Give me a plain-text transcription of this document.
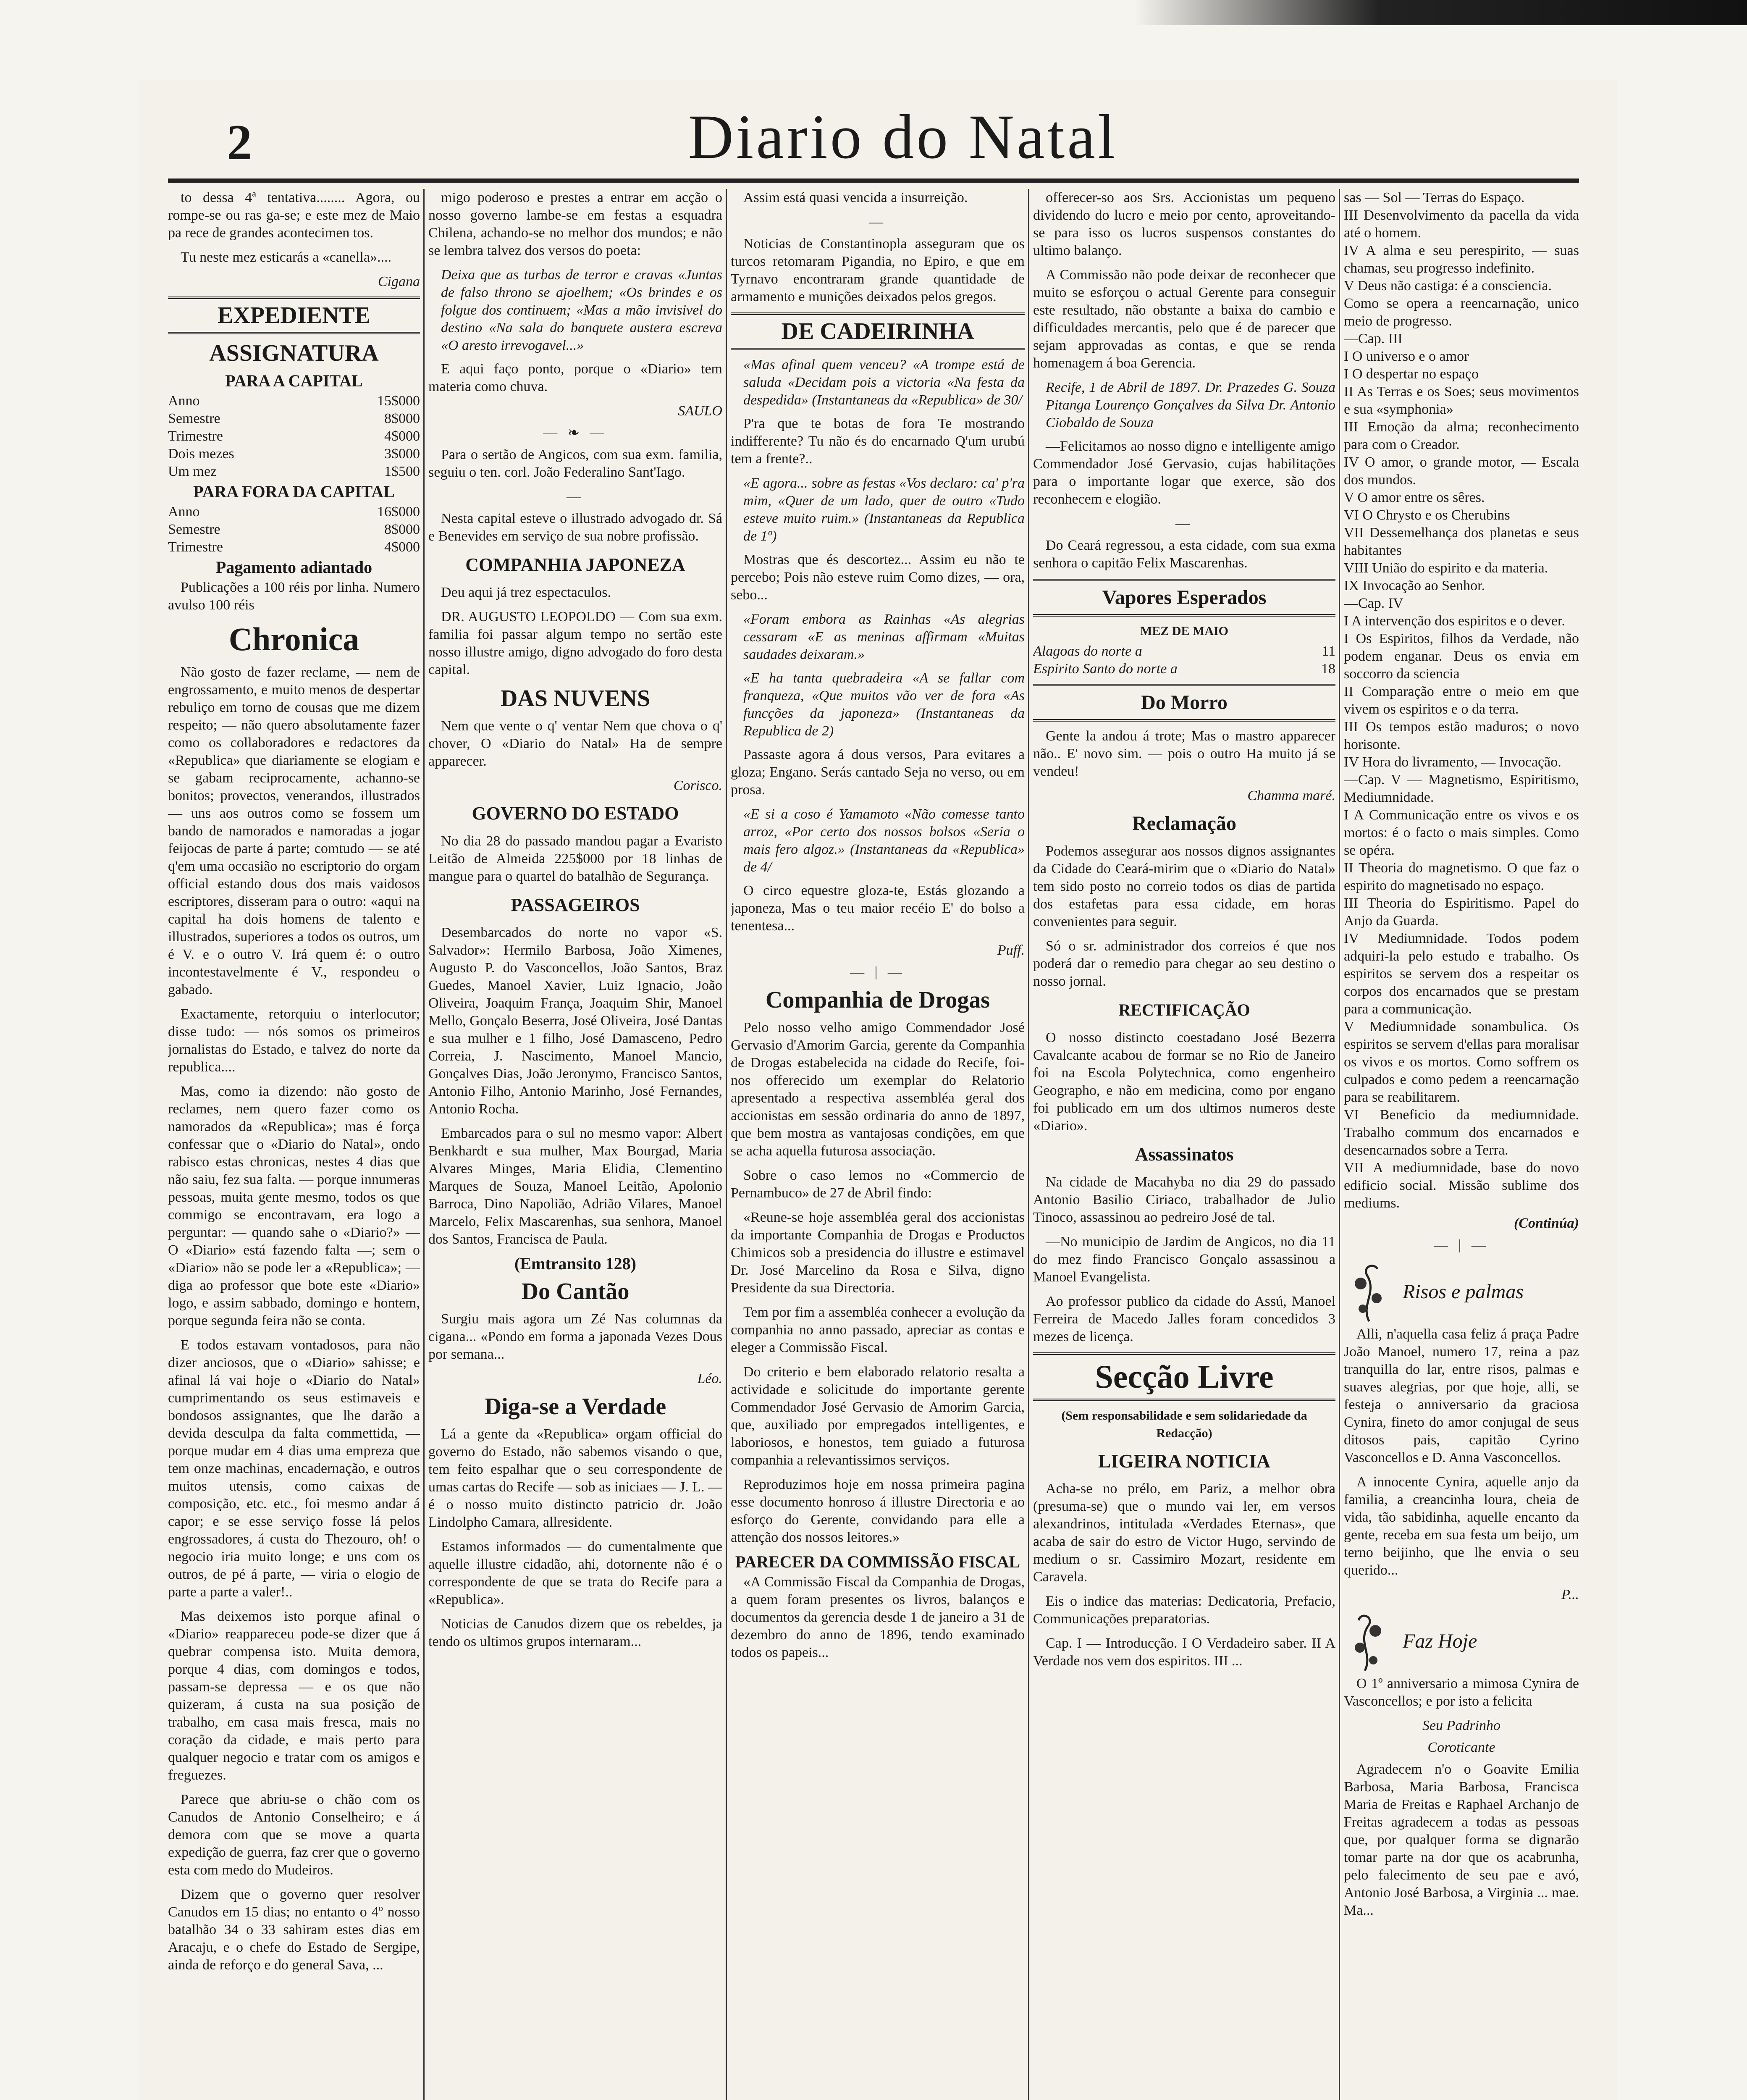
2	Diario do Natal

to dessa 4ª tentativa........ Agora, ou rompe-se ou ras ga-se; e este mez de Maio pa rece de grandes acontecimen tos.

Tu neste mez esticarás a «canella»....

Cigana
EXPEDIENTE
ASSIGNATURA
PARA A CAPITAL
Anno	15$000
Semestre	8$000
Trimestre	4$000
Dois mezes	3$000
Um mez	1$500
PARA FORA DA CAPITAL
Anno	16$000
Semestre	8$000
Trimestre	4$000
Pagamento adiantado

Publicações a 100 réis por linha. Numero avulso 100 réis

Chronica

Não gosto de fazer reclame, — nem de engrossamento, e muito menos de despertar rebuliço em torno de cousas que me dizem respeito; — não quero absolutamente fazer como os collaboradores e redactores da «Republica» que diariamente se elogiam e se gabam reciprocamente, achanno-se bonitos; provectos, venerandos, illustrados — uns aos outros como se fossem um bando de namorados e namoradas a jogar feijocas de parte á parte; comtudo — se até q'em uma occasião no escriptorio do orgam official estando dous dos mais vaidosos escriptores, disseram para o outro: «aqui na capital ha dois homens de talento e illustrados, superiores a todos os outros, um é V. e o outro V. Irá quem é: o outro incontestavelmente é V., respondeu o gabado.

Exactamente, retorquiu o interlocutor; disse tudo: — nós somos os primeiros jornalistas do Estado, e talvez do norte da republica....

Mas, como ia dizendo: não gosto de reclames, nem quero fazer como os namorados da «Republica»; mas é força confessar que o «Diario do Natal», ondo rabisco estas chronicas, nestes 4 dias que não saiu, fez sua falta. — porque innumeras pessoas, muita gente mesmo, todos os que commigo se encontravam, era logo a perguntar: — quando sahe o «Diario?» — O «Diario» está fazendo falta —; sem o «Diario» não se pode ler a «Republica»; — diga ao professor que bote este «Diario» logo, e assim sabbado, domingo e hontem, porque segunda feira não se conta.

E todos estavam vontadosos, para não dizer anciosos, que o «Diario» sahisse; e afinal lá vai hoje o «Diario do Natal» cumprimentando os seus estimaveis e bondosos assignantes, que lhe darão a devida desculpa da falta commettida, — porque mudar em 4 dias uma empreza que tem onze machinas, encadernação, e outros muitos utensis, como caixas de composição, etc. etc., foi mesmo andar á capor; e se esse serviço fosse lá pelos engrossadores, á custa do Thezouro, oh! o negocio iria muito longe; e uns com os outros, de pé á parte, — viria o elogio de parte a parte a valer!..

Mas deixemos isto porque afinal o «Diario» reappareceu pode-se dizer que á quebrar compensa isto. Muita demora, porque 4 dias, com domingos e todos, passam-se depressa — e os que não quizeram, á custa na sua posição de trabalho, em casa mais fresca, mais no coração da cidade, e mais perto para qualquer negocio e tratar com os amigos e freguezes.

Parece que abriu-se o chão com os Canudos de Antonio Conselheiro; e á demora com que se move a quarta expedição de guerra, faz crer que o governo esta com medo do Mudeiros.

Dizem que o governo quer resolver Canudos em 15 dias; no entanto o 4º nosso batalhão 34 o 33 sahiram estes dias em Aracaju, e o chefe do Estado de Sergipe, ainda de reforço e do general Sava, ...

migo poderoso e prestes a entrar em acção o nosso governo lambe-se em festas a esquadra Chilena, achando-se no melhor dos mundos; e não se lembra talvez dos versos do poeta:

Deixa que as turbas de terror e cravas «Juntas de falso throno se ajoelhem; «Os brindes e os folgue dos continuem; «Mas a mão invisivel do destino «Na sala do banquete austera escreva «O aresto irrevogavel...»

E aqui faço ponto, porque o «Diario» tem materia como chuva.

SAULO
— ❧ —

Para o sertão de Angicos, com sua exm. familia, seguiu o ten. corl. João Federalino Sant'Iago.

—

Nesta capital esteve o illustrado advogado dr. Sá e Benevides em serviço de sua nobre profissão.

COMPANHIA JAPONEZA

Deu aqui já trez espectaculos.

DR. AUGUSTO LEOPOLDO — Com sua exm. familia foi passar algum tempo no sertão este nosso illustre amigo, digno advogado do foro desta capital.

DAS NUVENS

Nem que vente o q' ventar Nem que chova o q' chover, O «Diario do Natal» Ha de sempre apparecer.

Corisco.
GOVERNO DO ESTADO

No dia 28 do passado mandou pagar a Evaristo Leitão de Almeida 225$000 por 18 linhas de mangue para o quartel do batalhão de Segurança.

PASSAGEIROS

Desembarcados do norte no vapor «S. Salvador»: Hermilo Barbosa, João Ximenes, Augusto P. do Vasconcellos, João Santos, Braz Guedes, Manoel Xavier, Luiz Ignacio, João Oliveira, Joaquim França, Joaquim Shir, Manoel Mello, Gonçalo Beserra, José Oliveira, José Dantas e sua mulher e 1 filho, José Damasceno, Pedro Correia, J. Nascimento, Manoel Mancio, Gonçalves Dias, João Jeronymo, Francisco Santos, Antonio Filho, Antonio Marinho, José Fernandes, Antonio Rocha.

Embarcados para o sul no mesmo vapor: Albert Benkhardt e sua mulher, Max Bourgad, Maria Alvares Minges, Maria Elidia, Clementino Marques de Souza, Manoel Leitão, Apolonio Barroca, Dino Napolião, Adrião Vilares, Manoel Marcelo, Felix Mascarenhas, sua senhora, Manoel dos Santos, Francisca de Paula.

(Emtransito 128)
Do Cantão

Surgiu mais agora um Zé Nas columnas da cigana... «Pondo em forma a japonada Vezes Dous por semana...

Léo.
Diga-se a Verdade

Lá a gente da «Republica» orgam official do governo do Estado, não sabemos visando o que, tem feito espalhar que o seu correspondente de umas cartas do Recife — sob as iniciaes — J. L. — é o nosso muito distincto patricio dr. João Lindolpho Camara, allresidente.

Estamos informados — do cumentalmente que aquelle illustre cidadão, ahi, dotornente não é o correspondente de que se trata do Recife para a «Republica».

Noticias de Canudos dizem que os rebeldes, ja tendo os ultimos grupos internaram...

Assim está quasi vencida a insurreição.

—

Noticias de Constantinopla asseguram que os turcos retomaram Pigandia, no Epiro, e que em Tyrnavo encontraram grande quantidade de armamento e munições deixados pelos gregos.

DE CADEIRINHA
«Mas afinal quem venceu? «A trompe está de saluda «Decidam pois a victoria «Na festa da despedida» (Instantaneas da «Republica» de 30/

P'ra que te botas de fora Te mostrando indifferente? Tu não és do encarnado Q'um urubú tem a frente?..

«E agora... sobre as festas «Vos declaro: ca' p'ra mim, «Quer de um lado, quer de outro «Tudo esteve muito ruim.» (Instantaneas da Republica de 1º)

Mostras que és descortez... Assim eu não te percebo; Pois não esteve ruim Como dizes, — ora, sebo...

«Foram embora as Rainhas «As alegrias cessaram «E as meninas affirmam «Muitas saudades deixaram.»
«E ha tanta quebradeira «A se fallar com franqueza, «Que muitos vão ver de fora «As funcções da japoneza» (Instantaneas da Republica de 2)

Passaste agora á dous versos, Para evitares a gloza; Engano. Serás cantado Seja no verso, ou em prosa.

«E si a coso é Yamamoto «Não comesse tanto arroz, «Por certo dos nossos bolsos «Seria o mais fero algoz.» (Instantaneas da «Republica» de 4/

O circo equestre gloza-te, Estás glozando a japoneza, Mas o teu maior recéio E' do bolso a tenentesa...

Puff.
— | —
Companhia de Drogas

Pelo nosso velho amigo Commendador José Gervasio d'Amorim Garcia, gerente da Companhia de Drogas estabelecida na cidade do Recife, foi-nos offerecido um exemplar do Relatorio apresentado a respectiva assembléa geral dos accionistas em sessão ordinaria do anno de 1897, que bem mostra as vantajosas condições, em que se acha aquella futurosa associação.

Sobre o caso lemos no «Commercio de Pernambuco» de 27 de Abril findo:

«Reune-se hoje assembléa geral dos accionistas da importante Companhia de Drogas e Productos Chimicos sob a presidencia do illustre e estimavel Dr. José Marcelino da Rosa e Silva, digno Presidente da sua Directoria.

Tem por fim a assembléa conhecer a evolução da companhia no anno passado, apreciar as contas e eleger a Commissão Fiscal.

Do criterio e bem elaborado relatorio resalta a actividade e solicitude do importante gerente Commendador José Gervasio de Amorim Garcia, que, auxiliado por empregados intelligentes, e laboriosos, e honestos, tem guiado a futurosa companhia a relevantissimos serviços.

Reproduzimos hoje em nossa primeira pagina esse documento honroso á illustre Directoria e ao esforço do Gerente, convidando para elle a attenção dos nossos leitores.»

PARECER DA COMMISSÃO FISCAL

«A Commissão Fiscal da Companhia de Drogas, a quem foram presentes os livros, balanços e documentos da gerencia desde 1 de janeiro a 31 de dezembro do anno de 1896, tendo examinado todos os papeis...

offerecer-so aos Srs. Accionistas um pequeno dividendo do lucro e meio por cento, aproveitando-se para isso os lucros suspensos constantes do ultimo balanço.

A Commissão não pode deixar de reconhecer que muito se esforçou o actual Gerente para conseguir este resultado, não obstante a baixa do cambio e difficuldades mercantis, pelo que é de parecer que sejam approvadas as contas, e que se renda homenagem á boa Gerencia.

Recife, 1 de Abril de 1897. Dr. Prazedes G. Souza Pitanga Lourenço Gonçalves da Silva Dr. Antonio Ciobaldo de Souza

—Felicitamos ao nosso digno e intelligente amigo Commendador José Gervasio, cujas habilitações para o importante logar que exerce, são dos reconhecem e elogião.

—

Do Ceará regressou, a esta cidade, com sua exma senhora o capitão Felix Mascarenhas.

Vapores Esperados
MEZ DE MAIO
Alagoas do norte a	11
Espirito Santo do norte a	18
Do Morro

Gente la andou á trote; Mas o mastro apparecer não.. E' novo sim. — pois o outro Ha muito já se vendeu!

Chamma maré.
Reclamação

Podemos assegurar aos nossos dignos assignantes da Cidade do Ceará-mirim que o «Diario do Natal» tem sido posto no correio todos os dias de partida dos estafetas para essa cidade, em horas convenientes para seguir.

Só o sr. administrador dos correios é que nos poderá dar o remedio para chegar ao seu destino o nosso jornal.

RECTIFICAÇÃO

O nosso distincto coestadano José Bezerra Cavalcante acabou de formar se no Rio de Janeiro foi na Escola Polytechnica, como engenheiro Geographo, e não em medicina, como por engano foi publicado em um dos ultimos numeros deste «Diario».

Assassinatos

Na cidade de Macahyba no dia 29 do passado Antonio Basilio Ciriaco, trabalhador de Julio Tinoco, assassinou ao pedreiro José de tal.

—No municipio de Jardim de Angicos, no dia 11 do mez findo Francisco Gonçalo assassinou a Manoel Evangelista.

Ao professor publico da cidade do Assú, Manoel Ferreira de Macedo Jalles foram concedidos 3 mezes de licença.

Secção Livre
(Sem responsabilidade e sem solidariedade da Redacção)
LIGEIRA NOTICIA

Acha-se no prélo, em Pariz, a melhor obra (presuma-se) que o mundo vai ler, em versos alexandrinos, intitulada «Verdades Eternas», que acaba de sair do estro de Victor Hugo, servindo de medium o sr. Cassimiro Mozart, residente em Caravela.

Eis o indice das materias: Dedicatoria, Prefacio, Communicações preparatorias.

Cap. I — Introducção. I O Verdadeiro saber. II A Verdade nos vem dos espiritos. III ...

sas — Sol — Terras do Espaço.
III Desenvolvimento da pacella da vida até o homem.
IV A alma e seu perespirito, — suas chamas, seu progresso indefinito.
V Deus não castiga: é a consciencia.
Como se opera a reencarnação, unico meio de progresso.
—Cap. III
I O universo e o amor
I O despertar no espaço
II As Terras e os Soes; seus movimentos e sua «symphonia»
III Emoção da alma; reconhecimento para com o Creador.
IV O amor, o grande motor, — Escala dos mundos.
V O amor entre os sêres.
VI O Chrysto e os Cherubins
VII Dessemelhança dos planetas e seus habitantes
VIII União do espirito e da materia.
IX Invocação ao Senhor.
—Cap. IV
I A intervenção dos espiritos e o dever.
I Os Espiritos, filhos da Verdade, não podem enganar. Deus os envia em soccorro da sciencia
II Comparação entre o meio em que vivem os espiritos e o da terra.
III Os tempos estão maduros; o novo horisonte.
IV Hora do livramento, — Invocação.
—Cap. V — Magnetismo, Espiritismo, Mediumnidade.
I A Communicação entre os vivos e os mortos: é o facto o mais simples. Como se opéra.
II Theoria do magnetismo. O que faz o espirito do magnetisado no espaço.
III Theoria do Espiritismo. Papel do Anjo da Guarda.
IV Mediumnidade. Todos podem adquiri-la pelo estudo e trabalho. Os espiritos se servem dos a respeitar os corpos dos encarnados que se prestam para a communicação.
V Mediumnidade sonambulica. Os espiritos se servem d'ellas para moralisar os vivos e os mortos. Como soffrem os culpados e como pedem a reencarnação para se reabilitarem.
VI Beneficio da mediumnidade. Trabalho commum dos encarnados e desencarnados sobre a Terra.
VII A mediumnidade, base do novo edificio social. Missão sublime dos mediums.
(Continúa)
— | —
Risos e palmas

Alli, n'aquella casa feliz á praça Padre João Manoel, numero 17, reina a paz tranquilla do lar, entre risos, palmas e suaves alegrias, por que hoje, alli, se festeja o anniversario da graciosa Cynira, fineto do amor conjugal de seus ditosos pais, capitão Cyrino Vasconcellos e D. Anna Vasconcellos.

A innocente Cynira, aquelle anjo da familia, a creancinha loura, cheia de vida, tão sabidinha, aquelle encanto da gente, receba em sua festa um beijo, um terno beijinho, que lhe envia o seu querido...

P...
Faz Hoje

O 1º anniversario a mimosa Cynira de Vasconcellos; e por isto a felicita

Seu Padrinho
Coroticante

Agradecem n'o o Goavite Emilia Barbosa, Maria Barbosa, Francisca Maria de Freitas e Raphael Archanjo de Freitas agradecem a todas as pessoas que, por qualquer forma se dignarão tomar parte na dor que os acabrunha, pelo falecimento de seu pae e avó, Antonio José Barbosa, a Virginia ... mae. Ma...
